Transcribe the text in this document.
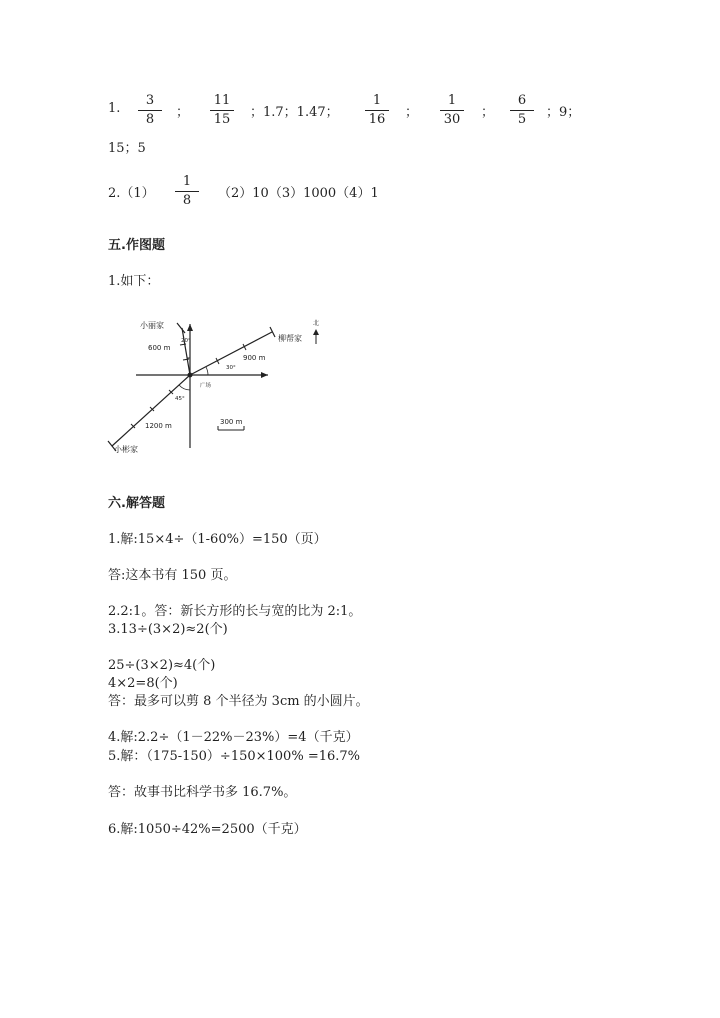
1.
3
8	；
11
15	；1.7；1.47；
1
16	；
1
30	；
6
5	；9；
15；5
2.（1）
1
8	（2）10（3）1000（4）1
五.作图题
1.如下：
小丽家
600 m
20°	柳帮家
北
900 m
30°
广场
45°
1200 m
小彬家
300 m
六.解答题
1.解:15×4÷（1-60%）=150（页）
答:这本书有 150 页。
2.2:1。答：新长方形的长与宽的比为 2:1。
3.13÷(3×2)≈2(个)
25÷(3×2)≈4(个)
4×2=8(个)
答：最多可以剪 8 个半径为 3cm 的小圆片。
4.解:2.2÷（1－22%－23%）=4（千克）
5.解：（175-150）÷150×100% =16.7%
答：故事书比科学书多 16.7%。
6.解:1050÷42%=2500（千克）
